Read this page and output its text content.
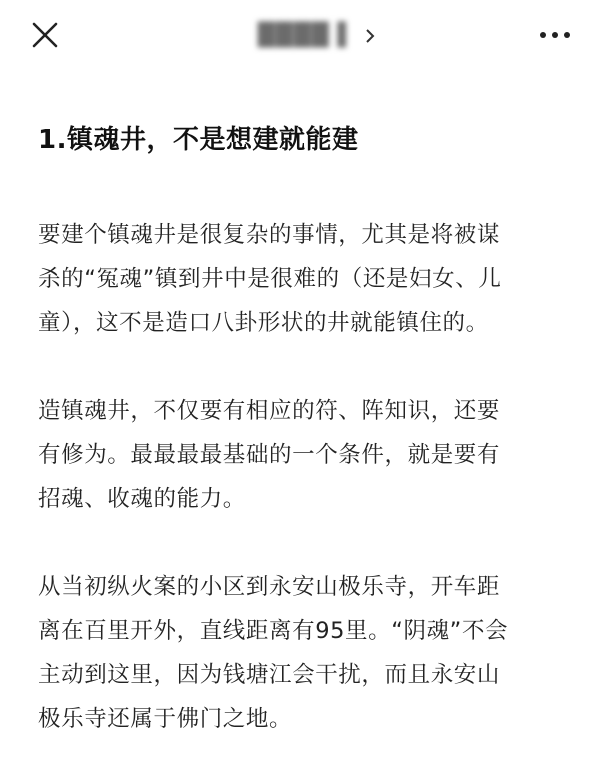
████ ▌
1.镇魂井，不是想建就能建
要建个镇魂井是很复杂的事情，尤其是将被谋
杀的“冤魂”镇到井中是很难的（还是妇女、儿
童），这不是造口八卦形状的井就能镇住的。
造镇魂井，不仅要有相应的符、阵知识，还要
有修为。最最最最基础的一个条件，就是要有
招魂、收魂的能力。
从当初纵火案的小区到永安山极乐寺，开车距
离在百里开外，直线距离有95里。“阴魂”不会
主动到这里，因为钱塘江会干扰，而且永安山
极乐寺还属于佛门之地。
